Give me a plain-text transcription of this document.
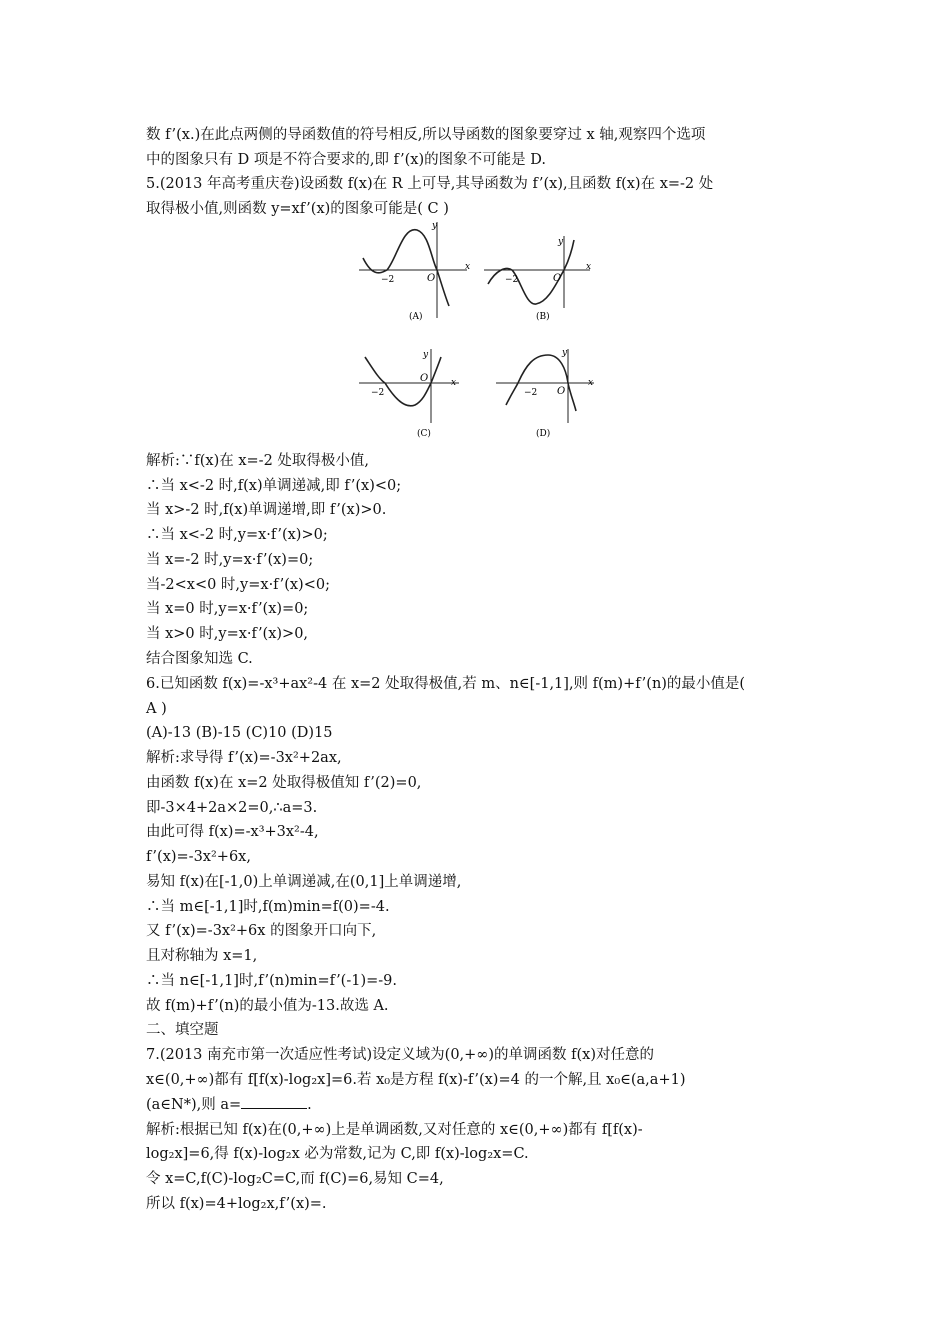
数 f’(x.)在此点两侧的导函数值的符号相反,所以导函数的图象要穿过 x 轴,观察四个选项
中的图象只有 D 项是不符合要求的,即 f’(x)的图象不可能是 D.
5.(2013 年高考重庆卷)设函数 f(x)在 R 上可导,其导函数为 f’(x),且函数 f(x)在 x=-2 处
取得极小值,则函数 y=xf’(x)的图象可能是( C )
y
x
O
−2
(A)
y
x
O
−2
(B)
y
x
O
−2
(C)
y
x
O
−2
(D)
解析:∵f(x)在 x=-2 处取得极小值,
∴当 x<-2 时,f(x)单调递减,即 f’(x)<0;
当 x>-2 时,f(x)单调递增,即 f’(x)>0.
∴当 x<-2 时,y=x·f’(x)>0;
当 x=-2 时,y=x·f’(x)=0;
当-2<x<0 时,y=x·f’(x)<0;
当 x=0 时,y=x·f’(x)=0;
当 x>0 时,y=x·f’(x)>0,
结合图象知选 C.
6.已知函数 f(x)=-x³+ax²-4 在 x=2 处取得极值,若 m、n∈[-1,1],则 f(m)+f’(n)的最小值是(
A )
(A)-13 (B)-15 (C)10 (D)15
解析:求导得 f’(x)=-3x²+2ax,
由函数 f(x)在 x=2 处取得极值知 f’(2)=0,
即-3×4+2a×2=0,∴a=3.
由此可得 f(x)=-x³+3x²-4,
f’(x)=-3x²+6x,
易知 f(x)在[-1,0)上单调递减,在(0,1]上单调递增,
∴当 m∈[-1,1]时,f(m)min=f(0)=-4.
又 f’(x)=-3x²+6x 的图象开口向下,
且对称轴为 x=1,
∴当 n∈[-1,1]时,f’(n)min=f’(-1)=-9.
故 f(m)+f’(n)的最小值为-13.故选 A.
二、填空题
7.(2013 南充市第一次适应性考试)设定义域为(0,+∞)的单调函数 f(x)对任意的
x∈(0,+∞)都有 f[f(x)-log₂x]=6.若 x₀是方程 f(x)-f’(x)=4 的一个解,且 x₀∈(a,a+1)
(a∈N*),则 a=	.
解析:根据已知 f(x)在(0,+∞)上是单调函数,又对任意的 x∈(0,+∞)都有 f[f(x)-
log₂x]=6,得 f(x)-log₂x 必为常数,记为 C,即 f(x)-log₂x=C.
令 x=C,f(C)-log₂C=C,而 f(C)=6,易知 C=4,
所以 f(x)=4+log₂x,f’(x)=.
